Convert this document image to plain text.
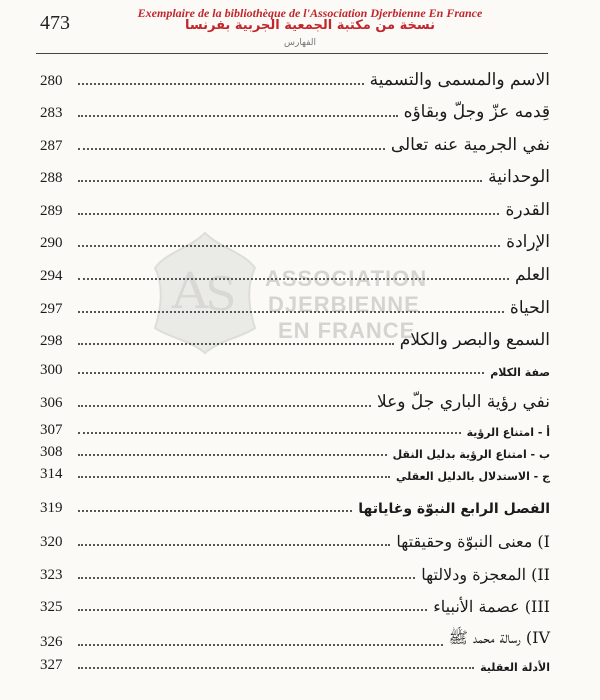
Exemplaire de la bibliothèque de l'Association Djerbienne En France
نسخة من مكتبة الجمعية الجربية بفرنسا
473
الفهارس
A
S ASSOCIATION
DJERBIENNE
EN FRANCE
280	الاسم والمسمى والتسمية
283	قِدمه عزّ وجلّ وبقاؤه
287	نفي الجرمية عنه تعالى
288	الوحدانية
289	القدرة
290	الإرادة
294	العلم
297	الحياة
298	السمع والبصر والكلام
300	صفة الكلام
306	نفي رؤية الباري جلّ وعلا
307	أ - امتناع الرؤية
308	ب - امتناع الرؤية بدليل النقل
314	ج - الاستدلال بالدليل العقلي
319	الفصل الرابع النبوّة وغاياتها
320	I) معنى النبوّة وحقيقتها
323	II) المعجزة ودلالتها
325	III) عصمة الأنبياء
326	IV) رسالة محمد ﷺ
327	الأدلة العقلية
